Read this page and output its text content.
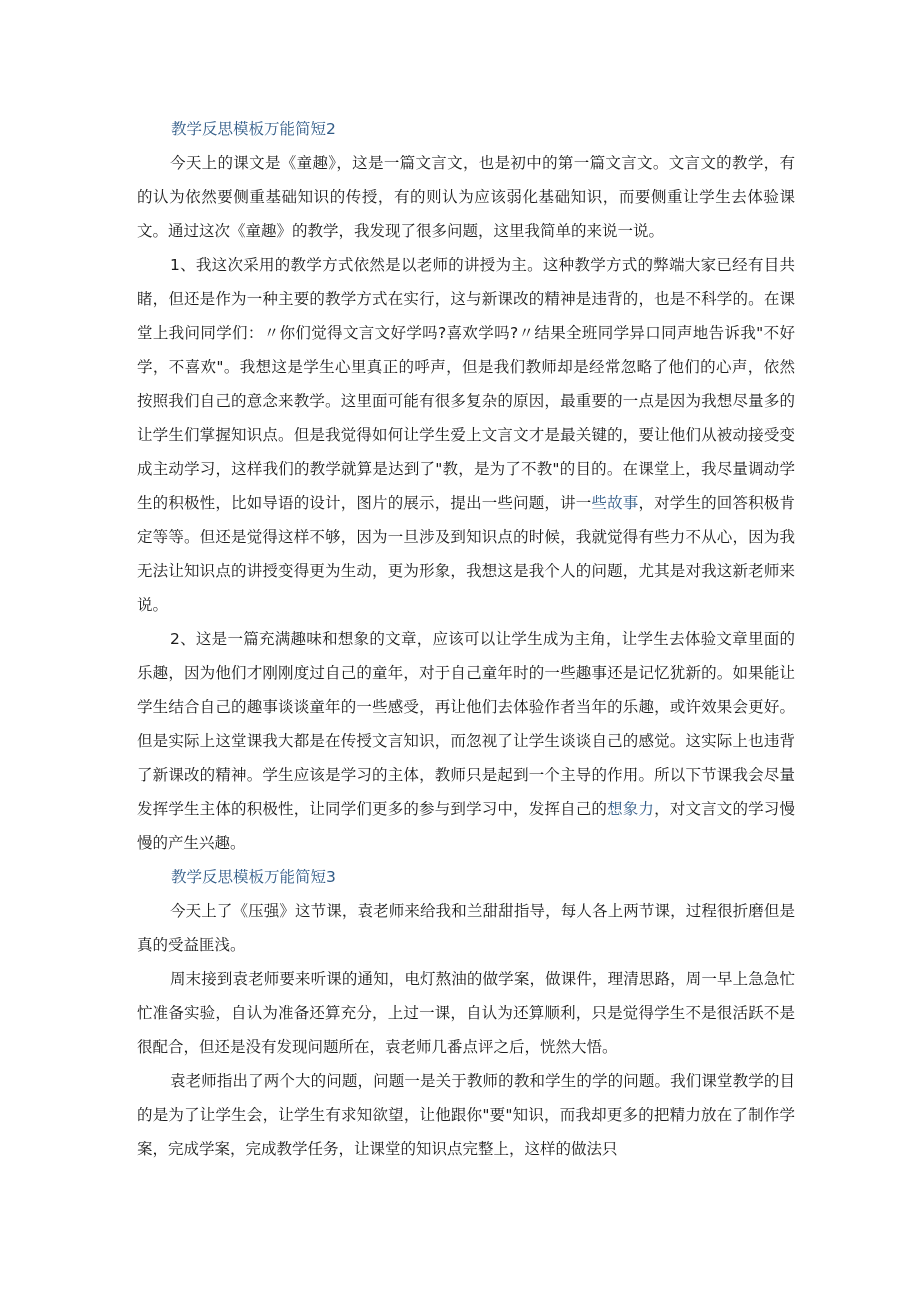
教学反思模板万能简短2

今天上的课文是《童趣》，这是一篇文言文，也是初中的第一篇文言文。文言文的教学，有的认为依然要侧重基础知识的传授，有的则认为应该弱化基础知识，而要侧重让学生去体验课文。通过这次《童趣》的教学，我发现了很多问题，这里我简单的来说一说。

1、我这次采用的教学方式依然是以老师的讲授为主。这种教学方式的弊端大家已经有目共睹，但还是作为一种主要的教学方式在实行，这与新课改的精神是违背的，也是不科学的。在课堂上我问同学们：〃你们觉得文言文好学吗?喜欢学吗?〃结果全班同学异口同声地告诉我"不好学，不喜欢"。我想这是学生心里真正的呼声，但是我们教师却是经常忽略了他们的心声，依然按照我们自己的意念来教学。这里面可能有很多复杂的原因，最重要的一点是因为我想尽量多的让学生们掌握知识点。但是我觉得如何让学生爱上文言文才是最关键的，要让他们从被动接受变成主动学习，这样我们的教学就算是达到了"教，是为了不教"的目的。在课堂上，我尽量调动学生的积极性，比如导语的设计，图片的展示，提出一些问题，讲一些故事，对学生的回答积极肯定等等。但还是觉得这样不够，因为一旦涉及到知识点的时候，我就觉得有些力不从心，因为我无法让知识点的讲授变得更为生动，更为形象，我想这是我个人的问题，尤其是对我这新老师来说。

2、这是一篇充满趣味和想象的文章，应该可以让学生成为主角，让学生去体验文章里面的乐趣，因为他们才刚刚度过自己的童年，对于自己童年时的一些趣事还是记忆犹新的。如果能让学生结合自己的趣事谈谈童年的一些感受，再让他们去体验作者当年的乐趣，或许效果会更好。但是实际上这堂课我大都是在传授文言知识，而忽视了让学生谈谈自己的感觉。这实际上也违背了新课改的精神。学生应该是学习的主体，教师只是起到一个主导的作用。所以下节课我会尽量发挥学生主体的积极性，让同学们更多的参与到学习中，发挥自己的想象力，对文言文的学习慢慢的产生兴趣。

教学反思模板万能简短3

今天上了《压强》这节课，袁老师来给我和兰甜甜指导，每人各上两节课，过程很折磨但是真的受益匪浅。

周末接到袁老师要来听课的通知，电灯熬油的做学案，做课件，理清思路，周一早上急急忙忙准备实验，自认为准备还算充分，上过一课，自认为还算顺利，只是觉得学生不是很活跃不是很配合，但还是没有发现问题所在，袁老师几番点评之后，恍然大悟。

袁老师指出了两个大的问题，问题一是关于教师的教和学生的学的问题。我们课堂教学的目的是为了让学生会，让学生有求知欲望，让他跟你"要"知识，而我却更多的把精力放在了制作学案，完成学案，完成教学任务，让课堂的知识点完整上，这样的做法只
